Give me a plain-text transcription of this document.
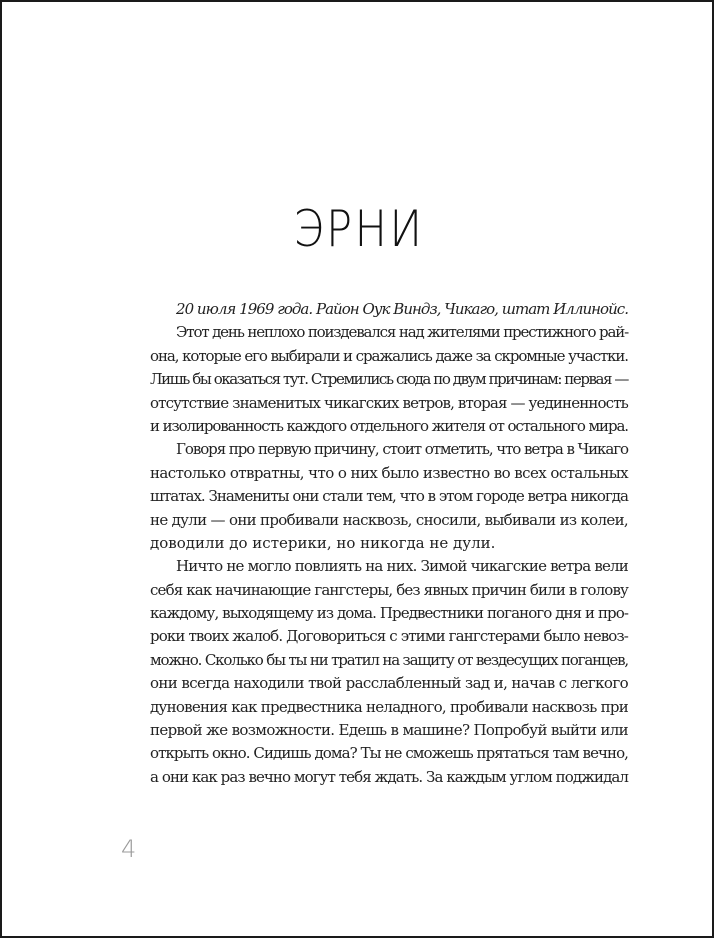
ЭРНИ
20 июля 1969 года. Район Оук Виндз, Чикаго, штат Иллинойс.
Этот день неплохо поиздевался над жителями престижного рай-
она, которые его выбирали и сражались даже за скромные участки.
Лишь бы оказаться тут. Стремились сюда по двум причинам: первая —
отсутствие знаменитых чикагских ветров, вторая — уединенность
и изолированность каждого отдельного жителя от остального мира.
Говоря про первую причину, стоит отметить, что ветра в Чикаго
настолько отвратны, что о них было известно во всех остальных
штатах. Знамениты они стали тем, что в этом городе ветра никогда
не дули — они пробивали насквозь, сносили, выбивали из колеи,
доводили до истерики, но никогда не дули.
Ничто не могло повлиять на них. Зимой чикагские ветра вели
себя как начинающие гангстеры, без явных причин били в голову
каждому, выходящему из дома. Предвестники поганого дня и про-
роки твоих жалоб. Договориться с этими гангстерами было невоз-
можно. Сколько бы ты ни тратил на защиту от вездесущих поганцев,
они всегда находили твой расслабленный зад и, начав с легкого
дуновения как предвестника неладного, пробивали насквозь при
первой же возможности. Едешь в машине? Попробуй выйти или
открыть окно. Сидишь дома? Ты не сможешь прятаться там вечно,
а они как раз вечно могут тебя ждать. За каждым углом поджидал
4
